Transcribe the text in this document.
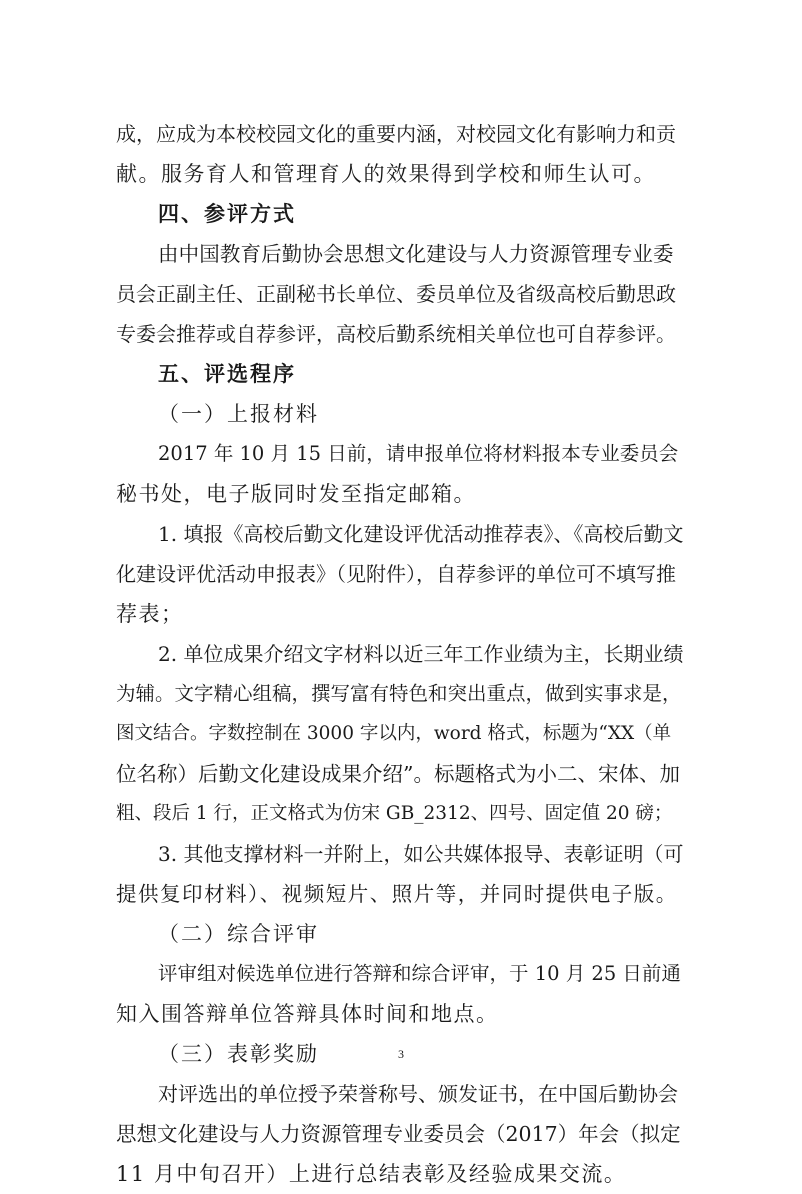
成，应成为本校校园文化的重要内涵，对校园文化有影响力和贡
献。服务育人和管理育人的效果得到学校和师生认可。
四、参评方式
由中国教育后勤协会思想文化建设与人力资源管理专业委
员会正副主任、正副秘书长单位、委员单位及省级高校后勤思政
专委会推荐或自荐参评，高校后勤系统相关单位也可自荐参评。
五、评选程序
（一）上报材料
2017 年 10 月 15 日前，请申报单位将材料报本专业委员会
秘书处，电子版同时发至指定邮箱。
1. 填报《高校后勤文化建设评优活动推荐表》、《高校后勤文
化建设评优活动申报表》（见附件），自荐参评的单位可不填写推
荐表；
2. 单位成果介绍文字材料以近三年工作业绩为主，长期业绩
为辅。文字精心组稿，撰写富有特色和突出重点，做到实事求是，
图文结合。字数控制在 3000 字以内，word 格式，标题为“XX（单
位名称）后勤文化建设成果介绍”。标题格式为小二、宋体、加
粗、段后 1 行，正文格式为仿宋 GB_2312、四号、固定值 20 磅；
3. 其他支撑材料一并附上，如公共媒体报导、表彰证明（可
提供复印材料）、视频短片、照片等，并同时提供电子版。
（二）综合评审
评审组对候选单位进行答辩和综合评审，于 10 月 25 日前通
知入围答辩单位答辩具体时间和地点。
（三）表彰奖励
对评选出的单位授予荣誉称号、颁发证书，在中国后勤协会
思想文化建设与人力资源管理专业委员会（2017）年会（拟定
11 月中旬召开）上进行总结表彰及经验成果交流。
3
